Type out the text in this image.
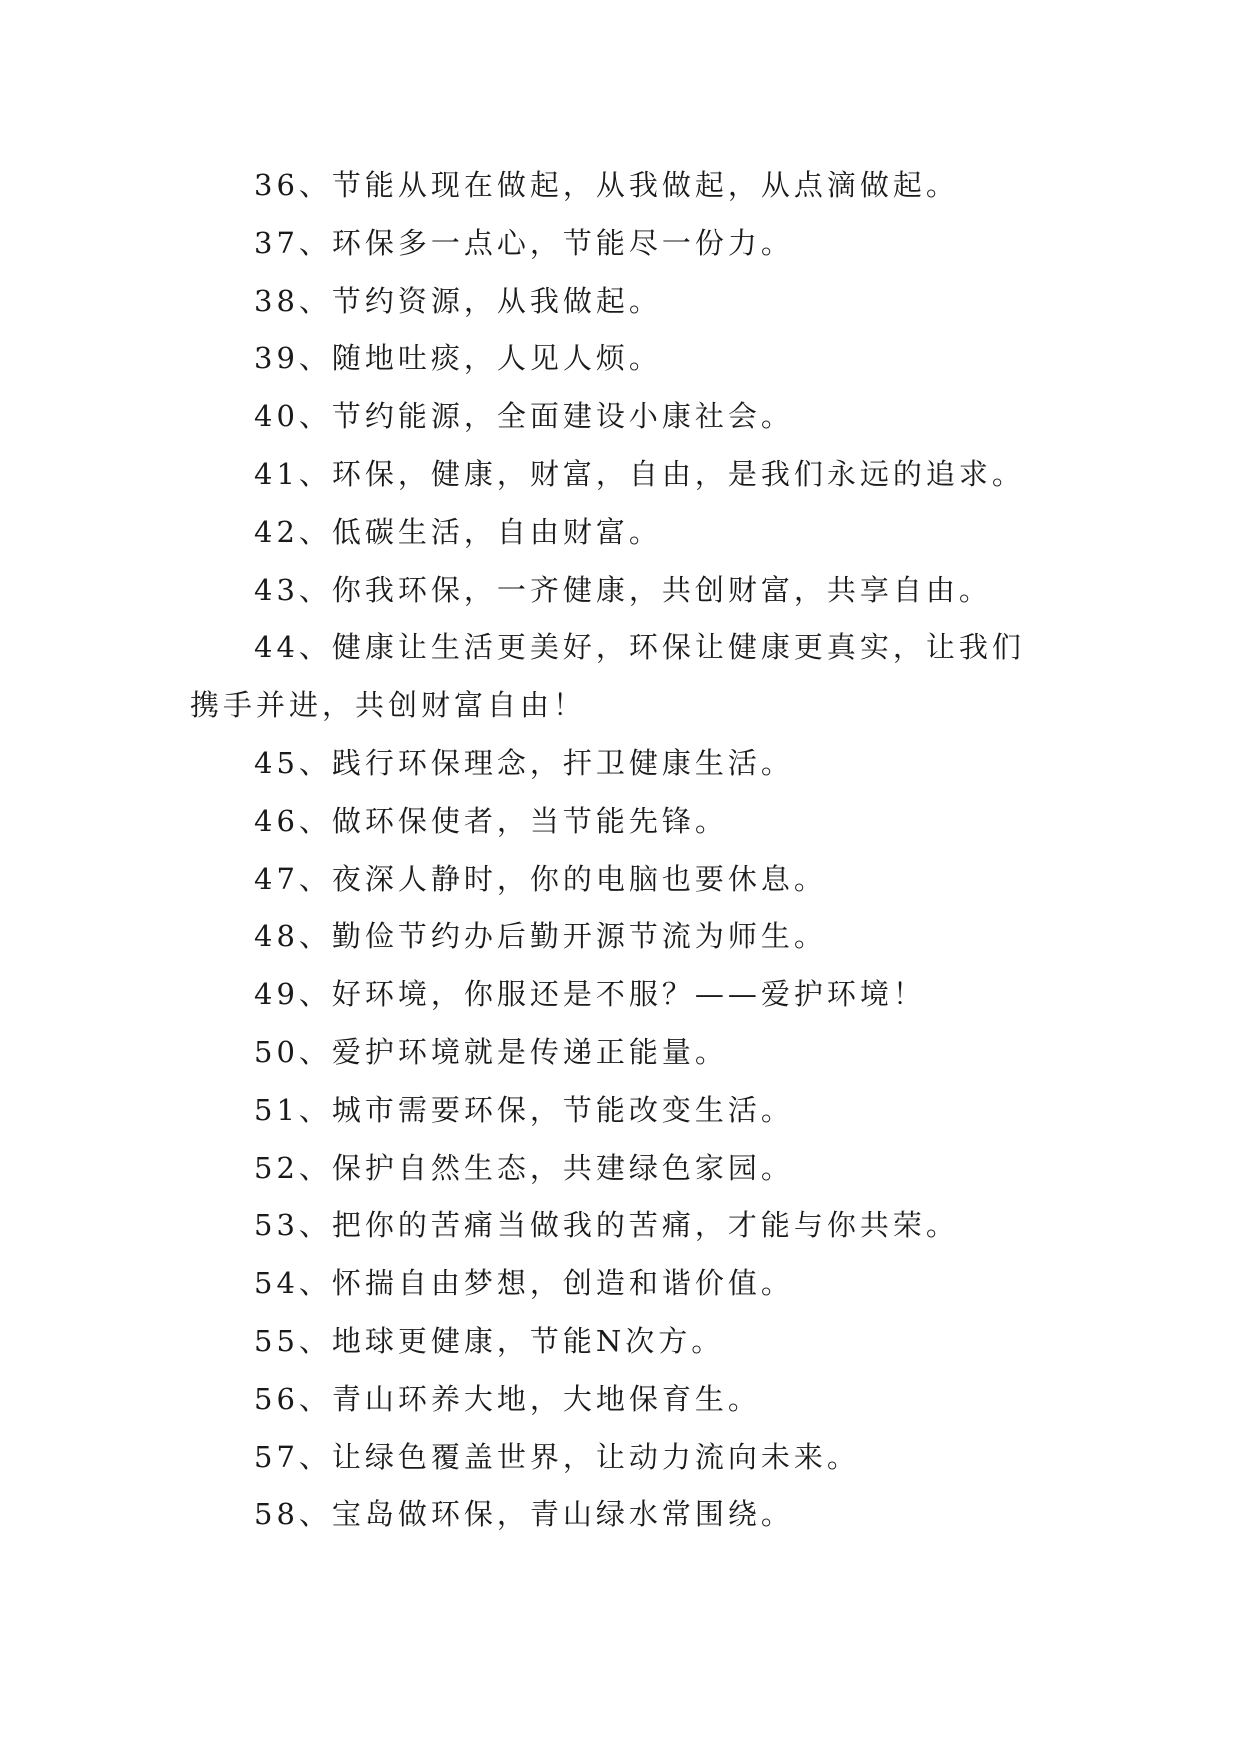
36、节能从现在做起，从我做起，从点滴做起。

37、环保多一点心，节能尽一份力。

38、节约资源，从我做起。

39、随地吐痰，人见人烦。

40、节约能源，全面建设小康社会。

41、环保，健康，财富，自由，是我们永远的追求。

42、低碳生活，自由财富。

43、你我环保，一齐健康，共创财富，共享自由。

44、健康让生活更美好，环保让健康更真实，让我们携手并进，共创财富自由！

45、践行环保理念，扞卫健康生活。

46、做环保使者，当节能先锋。

47、夜深人静时，你的电脑也要休息。

48、勤俭节约办后勤开源节流为师生。

49、好环境，你服还是不服？——爱护环境！

50、爱护环境就是传递正能量。

51、城市需要环保，节能改变生活。

52、保护自然生态，共建绿色家园。

53、把你的苦痛当做我的苦痛，才能与你共荣。

54、怀揣自由梦想，创造和谐价值。

55、地球更健康，节能N次方。

56、青山环养大地，大地保育生。

57、让绿色覆盖世界，让动力流向未来。

58、宝岛做环保，青山绿水常围绕。
